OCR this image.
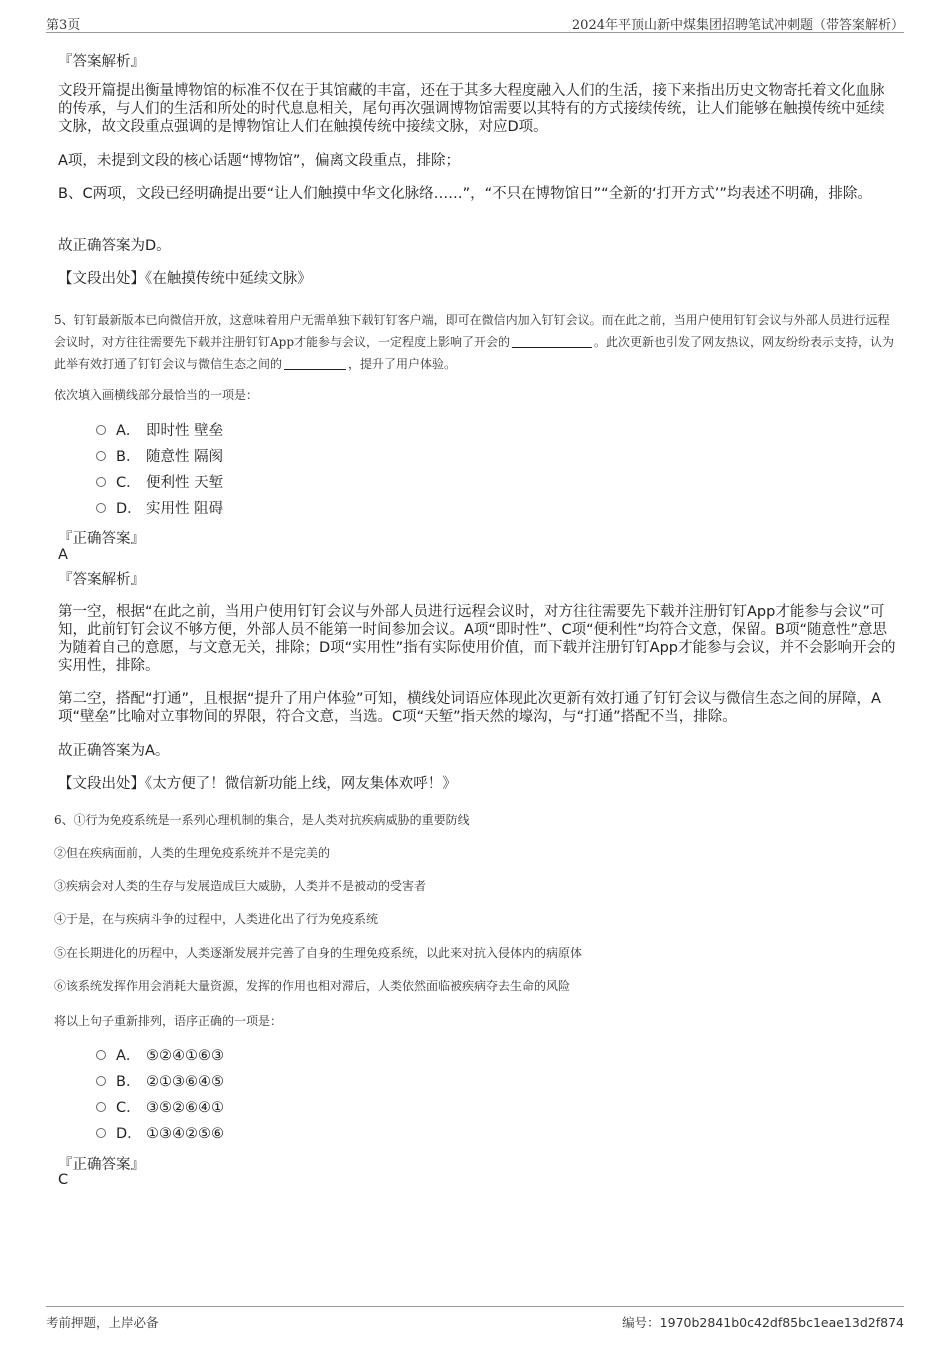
第3页	2024年平顶山新中煤集团招聘笔试冲刺题（带答案解析）
『答案解析』
文段开篇提出衡量博物馆的标准不仅在于其馆藏的丰富，还在于其多大程度融入人们的生活，接下来指出历史文物寄托着文化血脉的传承，与人们的生活和所处的时代息息相关，尾句再次强调博物馆需要以其特有的方式接续传统，让人们能够在触摸传统中延续文脉，故文段重点强调的是博物馆让人们在触摸传统中接续文脉，对应D项。
A项，未提到文段的核心话题“博物馆”，偏离文段重点，排除；
B、C两项，文段已经明确提出要“让人们触摸中华文化脉络……”，“不只在博物馆日”“全新的‘打开方式’”均表述不明确，排除。
故正确答案为D。
【文段出处】《在触摸传统中延续文脉》
5、钉钉最新版本已向微信开放，这意味着用户无需单独下载钉钉客户端，即可在微信内加入钉钉会议。而在此之前，当用户使用钉钉会议与外部人员进行远程会议时，对方往往需要先下载并注册钉钉App才能参与会议，一定程度上影响了开会的	。此次更新也引发了网友热议，网友纷纷表示支持，认为此举有效打通了钉钉会议与微信生态之间的	，提升了用户体验。
依次填入画横线部分最恰当的一项是：
A． 即时性 壁垒
B． 随意性 隔阂
C． 便利性 天堑
D． 实用性 阻碍
『正确答案』
A
『答案解析』
第一空，根据“在此之前，当用户使用钉钉会议与外部人员进行远程会议时，对方往往需要先下载并注册钉钉App才能参与会议”可知，此前钉钉会议不够方便，外部人员不能第一时间参加会议。A项“即时性”、C项“便利性”均符合文意，保留。B项“随意性”意思为随着自己的意愿，与文意无关，排除；D项“实用性”指有实际使用价值，而下载并注册钉钉App才能参与会议，并不会影响开会的实用性，排除。
第二空，搭配“打通”，且根据“提升了用户体验”可知，横线处词语应体现此次更新有效打通了钉钉会议与微信生态之间的屏障，A项“壁垒”比喻对立事物间的界限，符合文意，当选。C项“天堑”指天然的壕沟，与“打通”搭配不当，排除。
故正确答案为A。
【文段出处】《太方便了！微信新功能上线，网友集体欢呼！》
6、①行为免疫系统是一系列心理机制的集合，是人类对抗疾病威胁的重要防线
②但在疾病面前，人类的生理免疫系统并不是完美的
③疾病会对人类的生存与发展造成巨大威胁，人类并不是被动的受害者
④于是，在与疾病斗争的过程中，人类进化出了行为免疫系统
⑤在长期进化的历程中，人类逐渐发展并完善了自身的生理免疫系统，以此来对抗入侵体内的病原体
⑥该系统发挥作用会消耗大量资源，发挥的作用也相对滞后，人类依然面临被疾病夺去生命的风险
将以上句子重新排列，语序正确的一项是：
A． ⑤②④①⑥③
B． ②①③⑥④⑤
C． ③⑤②⑥④①
D． ①③④②⑤⑥
『正确答案』
C
考前押题，上岸必备	编号：1970b2841b0c42df85bc1eae13d2f874
